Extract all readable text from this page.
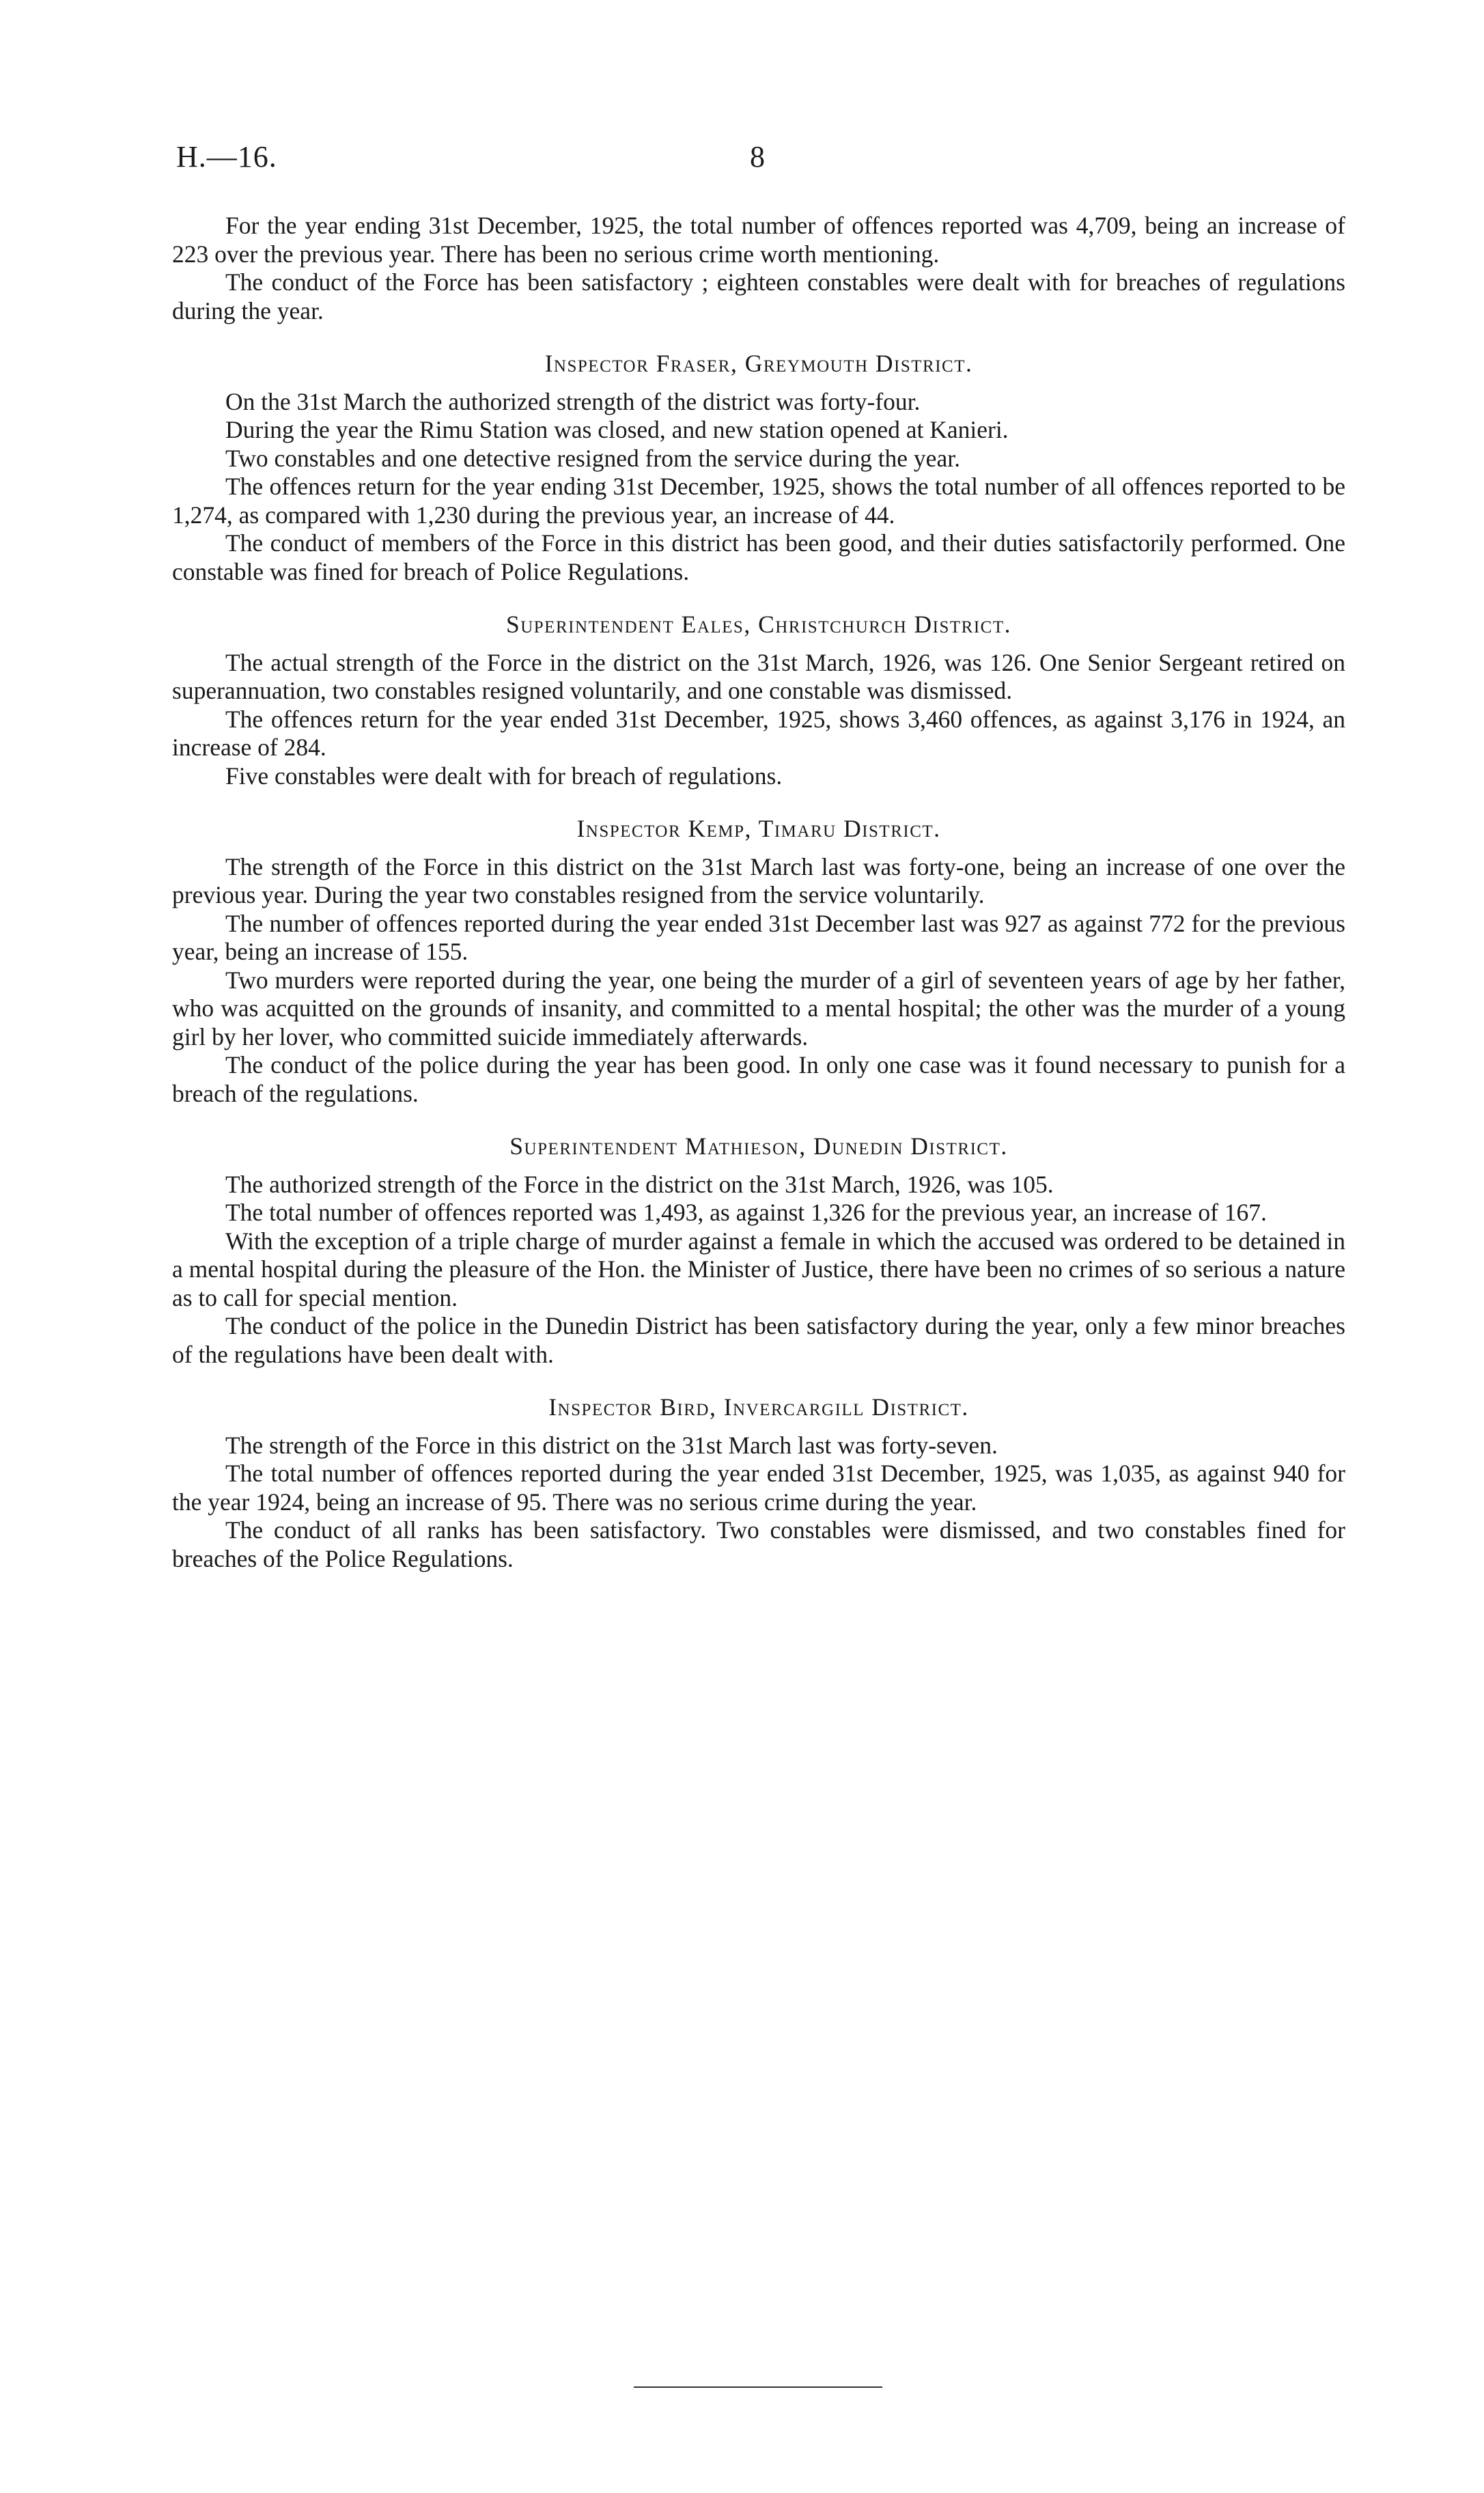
H.—16.	8

For the year ending 31st December, 1925, the total number of offences reported was 4,709, being an increase of 223 over the previous year. There has been no serious crime worth mentioning.

The conduct of the Force has been satisfactory ; eighteen constables were dealt with for breaches of regulations during the year.

Inspector Fraser, Greymouth District.

On the 31st March the authorized strength of the district was forty-four.

During the year the Rimu Station was closed, and new station opened at Kanieri.

Two constables and one detective resigned from the service during the year.

The offences return for the year ending 31st December, 1925, shows the total number of all offences reported to be 1,274, as compared with 1,230 during the previous year, an increase of 44.

The conduct of members of the Force in this district has been good, and their duties satisfactorily performed. One constable was fined for breach of Police Regulations.

Superintendent Eales, Christchurch District.

The actual strength of the Force in the district on the 31st March, 1926, was 126. One Senior Sergeant retired on superannuation, two constables resigned voluntarily, and one constable was dismissed.

The offences return for the year ended 31st December, 1925, shows 3,460 offences, as against 3,176 in 1924, an increase of 284.

Five constables were dealt with for breach of regulations.

Inspector Kemp, Timaru District.

The strength of the Force in this district on the 31st March last was forty-one, being an increase of one over the previous year. During the year two constables resigned from the service voluntarily.

The number of offences reported during the year ended 31st December last was 927 as against 772 for the previous year, being an increase of 155.

Two murders were reported during the year, one being the murder of a girl of seventeen years of age by her father, who was acquitted on the grounds of insanity, and committed to a mental hospital; the other was the murder of a young girl by her lover, who committed suicide immediately afterwards.

The conduct of the police during the year has been good. In only one case was it found necessary to punish for a breach of the regulations.

Superintendent Mathieson, Dunedin District.

The authorized strength of the Force in the district on the 31st March, 1926, was 105.

The total number of offences reported was 1,493, as against 1,326 for the previous year, an increase of 167.

With the exception of a triple charge of murder against a female in which the accused was ordered to be detained in a mental hospital during the pleasure of the Hon. the Minister of Justice, there have been no crimes of so serious a nature as to call for special mention.

The conduct of the police in the Dunedin District has been satisfactory during the year, only a few minor breaches of the regulations have been dealt with.

Inspector Bird, Invercargill District.

The strength of the Force in this district on the 31st March last was forty-seven.

The total number of offences reported during the year ended 31st December, 1925, was 1,035, as against 940 for the year 1924, being an increase of 95. There was no serious crime during the year.

The conduct of all ranks has been satisfactory. Two constables were dismissed, and two constables fined for breaches of the Police Regulations.
